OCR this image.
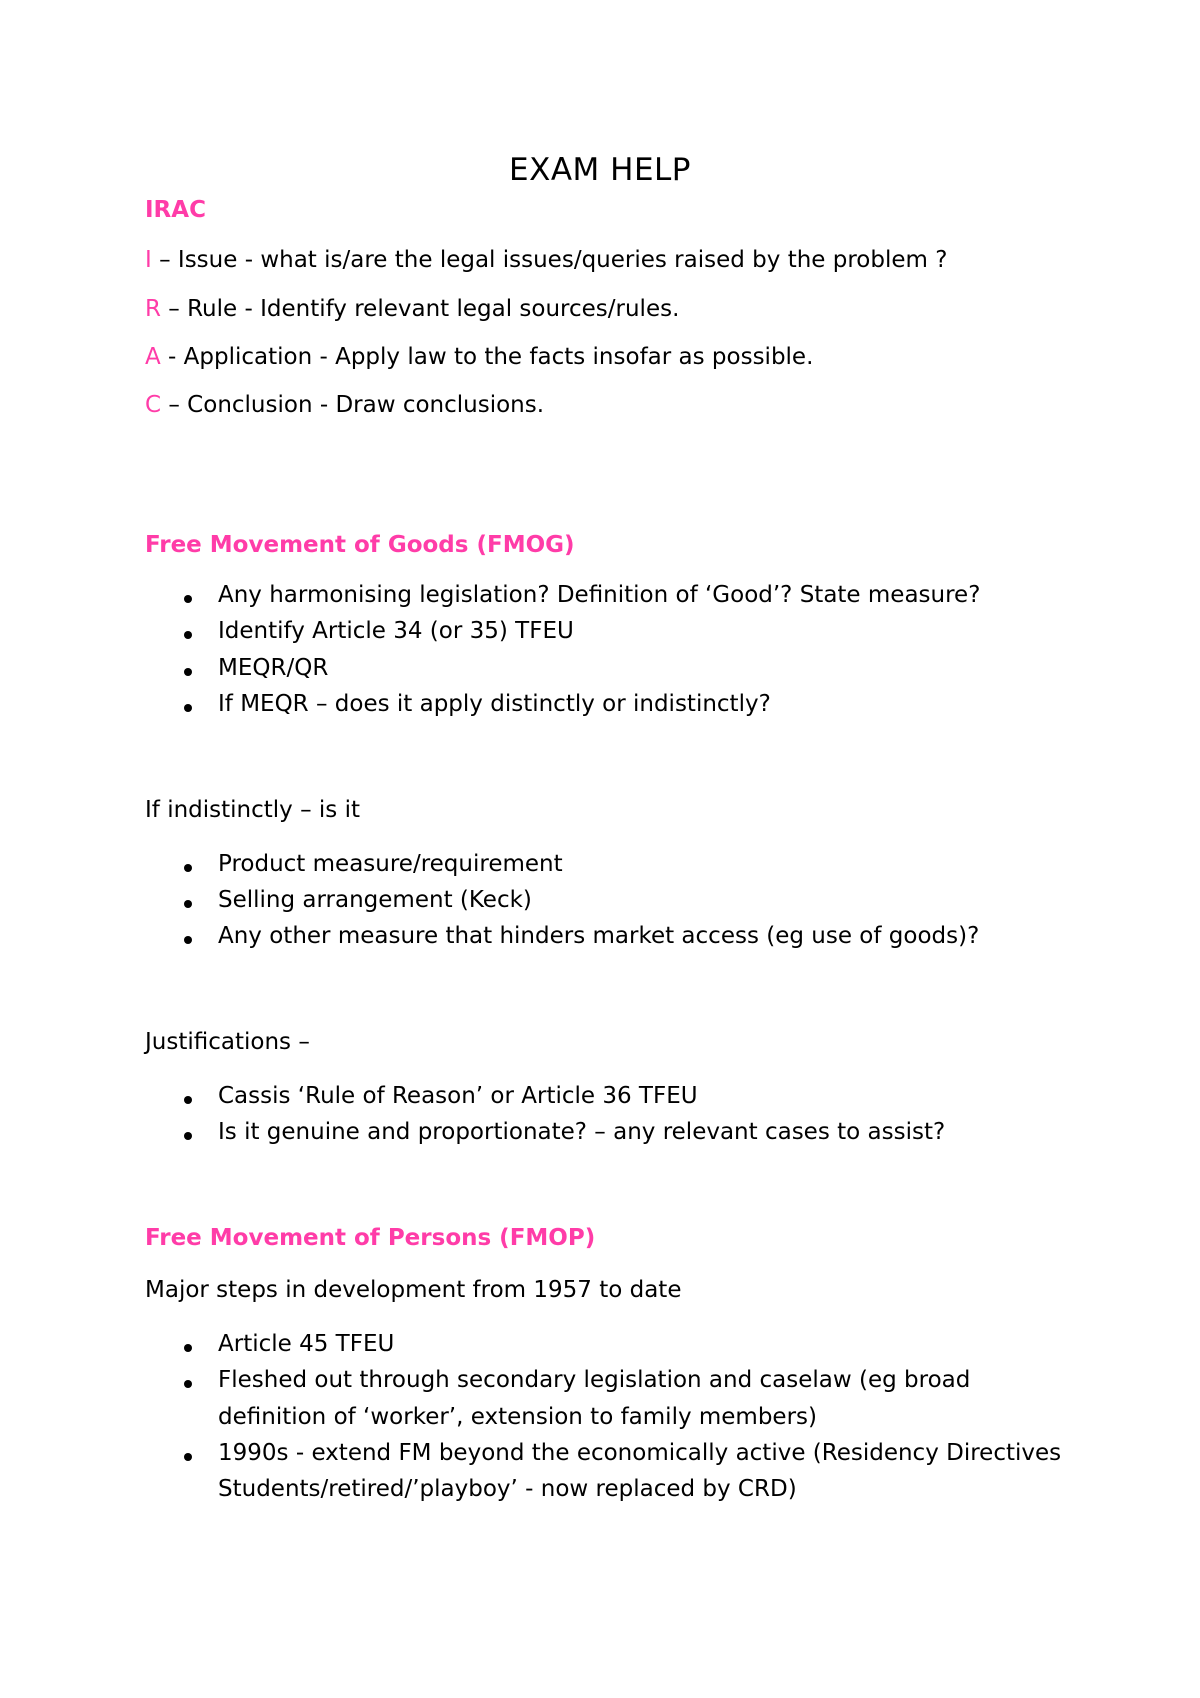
EXAM HELP
IRAC
I – Issue - what is/are the legal issues/queries raised by the problem ?
R – Rule - Identify relevant legal sources/rules.
A - Application - Apply law to the facts insofar as possible.
C – Conclusion - Draw conclusions.
Free Movement of Goods (FMOG)
Any harmonising legislation? Definition of ‘Good’? State measure?
Identify Article 34 (or 35) TFEU
MEQR/QR
If MEQR – does it apply distinctly or indistinctly?
If indistinctly – is it
Product measure/requirement
Selling arrangement (Keck)
Any other measure that hinders market access (eg use of goods)?
Justifications –
Cassis ‘Rule of Reason’ or Article 36 TFEU
Is it genuine and proportionate? – any relevant cases to assist?
Free Movement of Persons (FMOP)
Major steps in development from 1957 to date
Article 45 TFEU
Fleshed out through secondary legislation and caselaw (eg broad
definition of ‘worker’, extension to family members)
1990s - extend FM beyond the economically active (Residency Directives
Students/retired/’playboy’ - now replaced by CRD)
